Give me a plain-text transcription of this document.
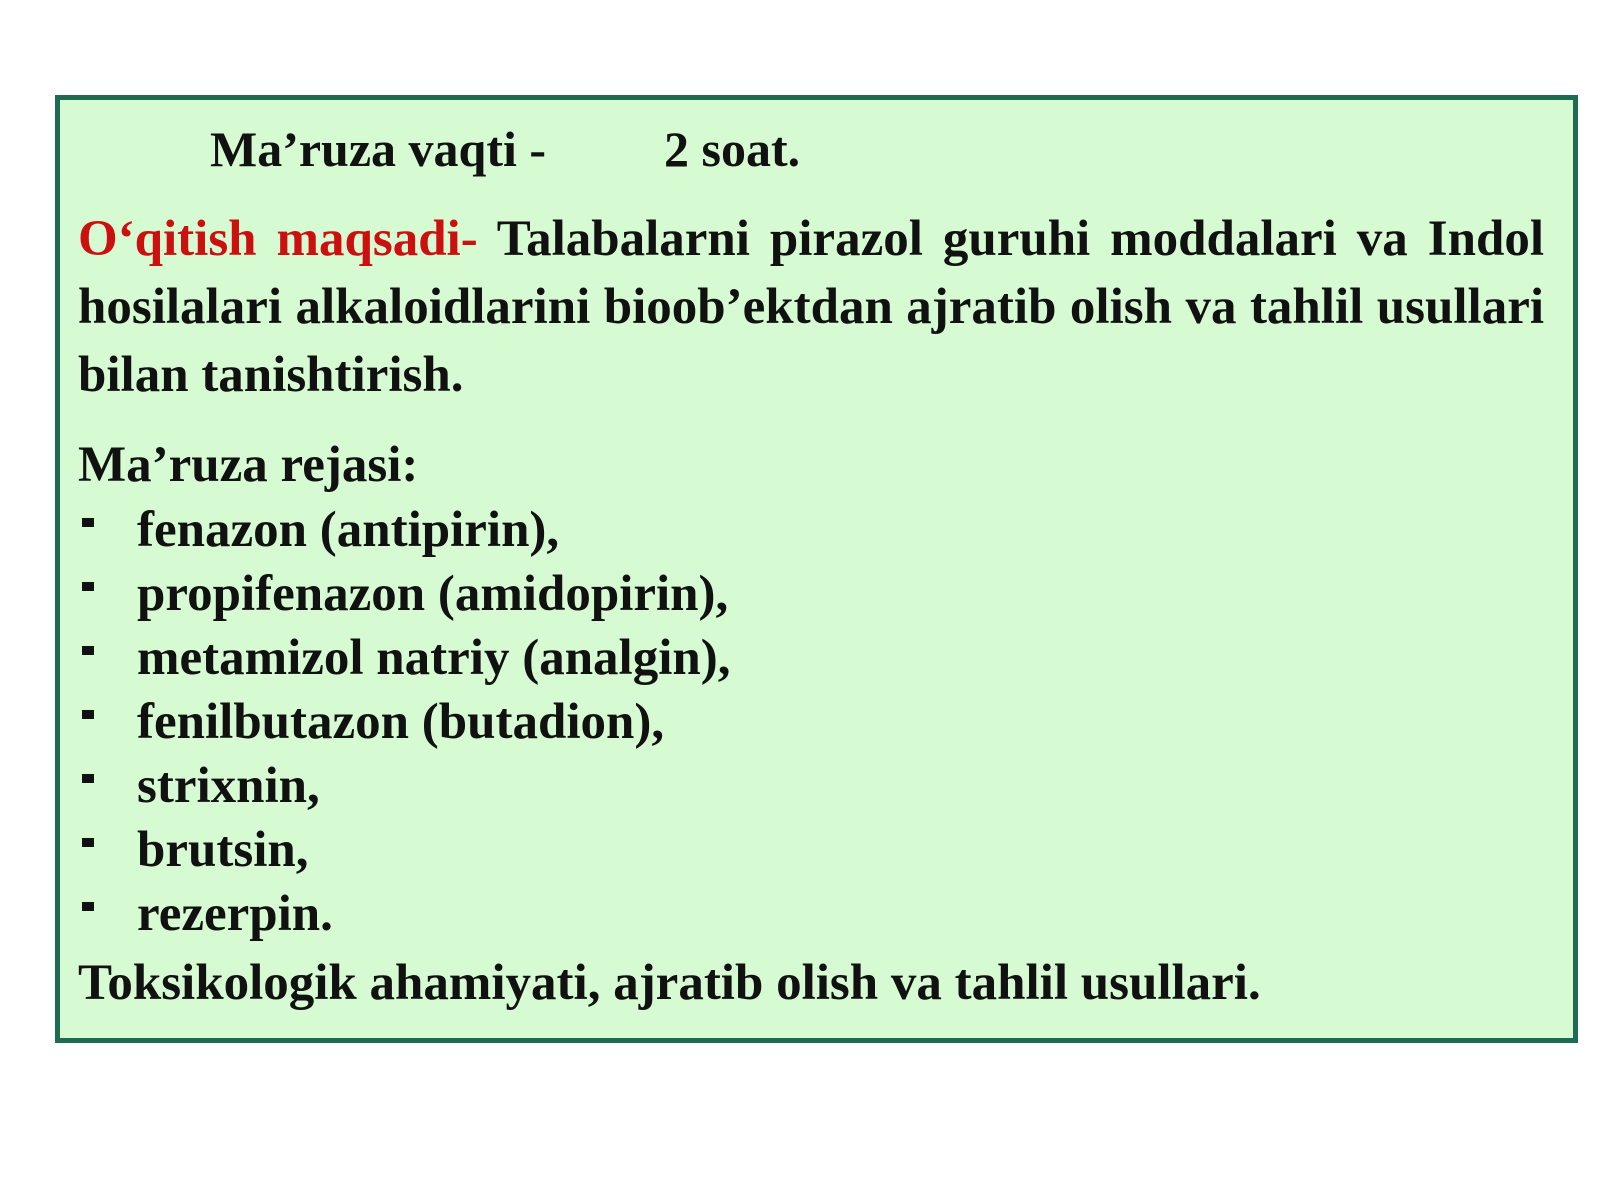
Ma’ruza vaqti - 2 soat.

O‘qitish maqsadi- Talabalarni pirazol guruhi moddalari va Indol hosilalari alkaloidlarini bioob’ektdan ajratib olish va tahlil usullari bilan tanishtirish.

Ma’ruza rejasi:
fenazon (antipirin),
propifenazon (amidopirin),
metamizol natriy (analgin),
fenilbutazon (butadion),
strixnin,
brutsin,
rezerpin.
Toksikologik ahamiyati, ajratib olish va tahlil usullari.
